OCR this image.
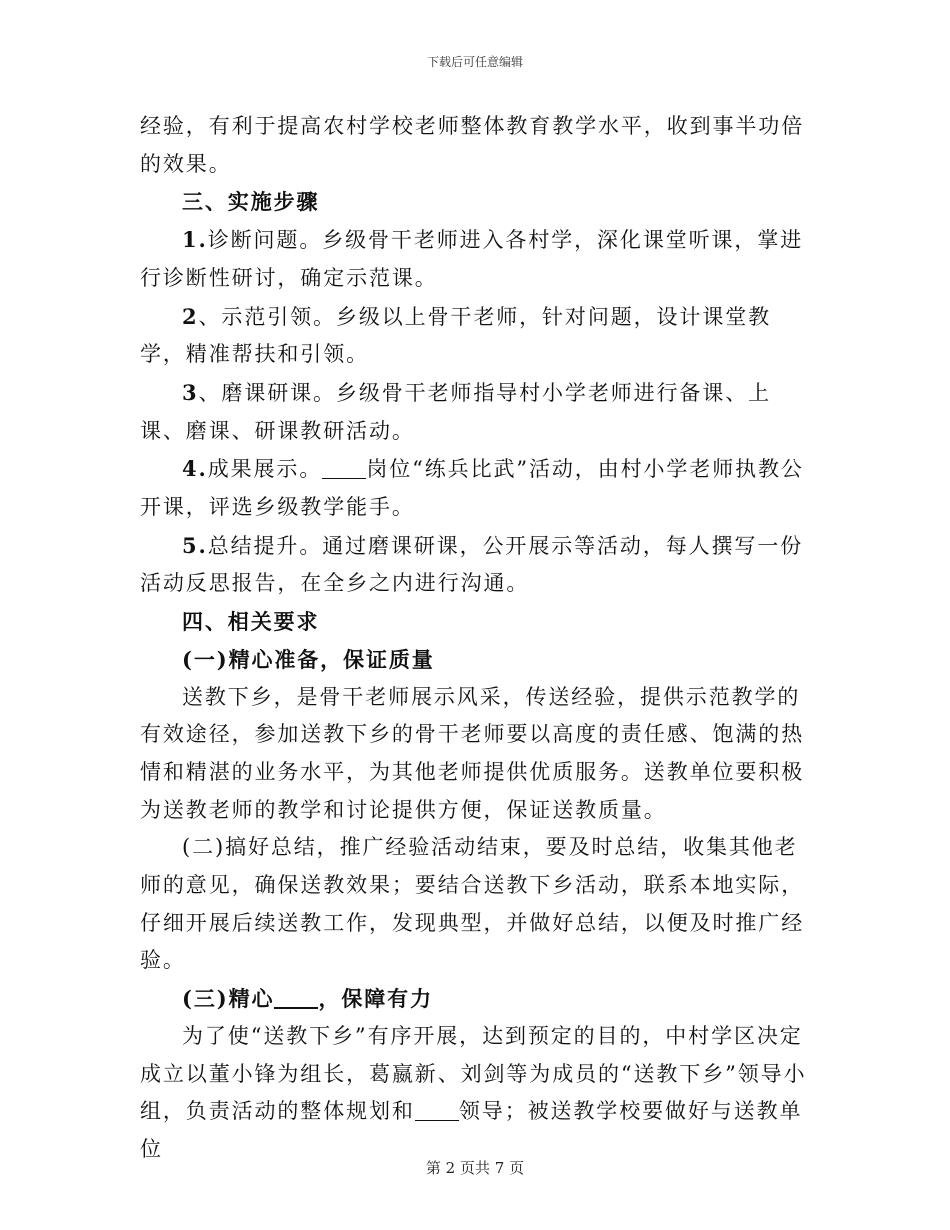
下载后可任意编辑

经验，有利于提高农村学校老师整体教育教学水平，收到事半功倍的效果。

三、实施步骤

1.诊断问题。乡级骨干老师进入各村学，深化课堂听课，掌进行诊断性研讨，确定示范课。

2、示范引领。乡级以上骨干老师，针对问题，设计课堂教学，精准帮扶和引领。

3、磨课研课。乡级骨干老师指导村小学老师进行备课、上课、磨课、研课教研活动。

4.成果展示。 岗位“练兵比武”活动，由村小学老师执教公开课，评选乡级教学能手。

5.总结提升。通过磨课研课，公开展示等活动，每人撰写一份活动反思报告，在全乡之内进行沟通。

四、相关要求

(一)精心准备，保证质量

送教下乡，是骨干老师展示风采，传送经验，提供示范教学的有效途径，参加送教下乡的骨干老师要以高度的责任感、饱满的热情和精湛的业务水平，为其他老师提供优质服务。送教单位要积极为送教老师的教学和讨论提供方便，保证送教质量。

(二)搞好总结，推广经验活动结束，要及时总结，收集其他老师的意见，确保送教效果；要结合送教下乡活动，联系本地实际，仔细开展后续送教工作，发现典型，并做好总结，以便及时推广经验。

(三)精心 ，保障有力

为了使“送教下乡”有序开展，达到预定的目的，中村学区决定成立以董小锋为组长，葛嬴新、刘剑等为成员的“送教下乡”领导小组，负责活动的整体规划和 领导；被送教学校要做好与送教单位

第 2 页共 7 页
